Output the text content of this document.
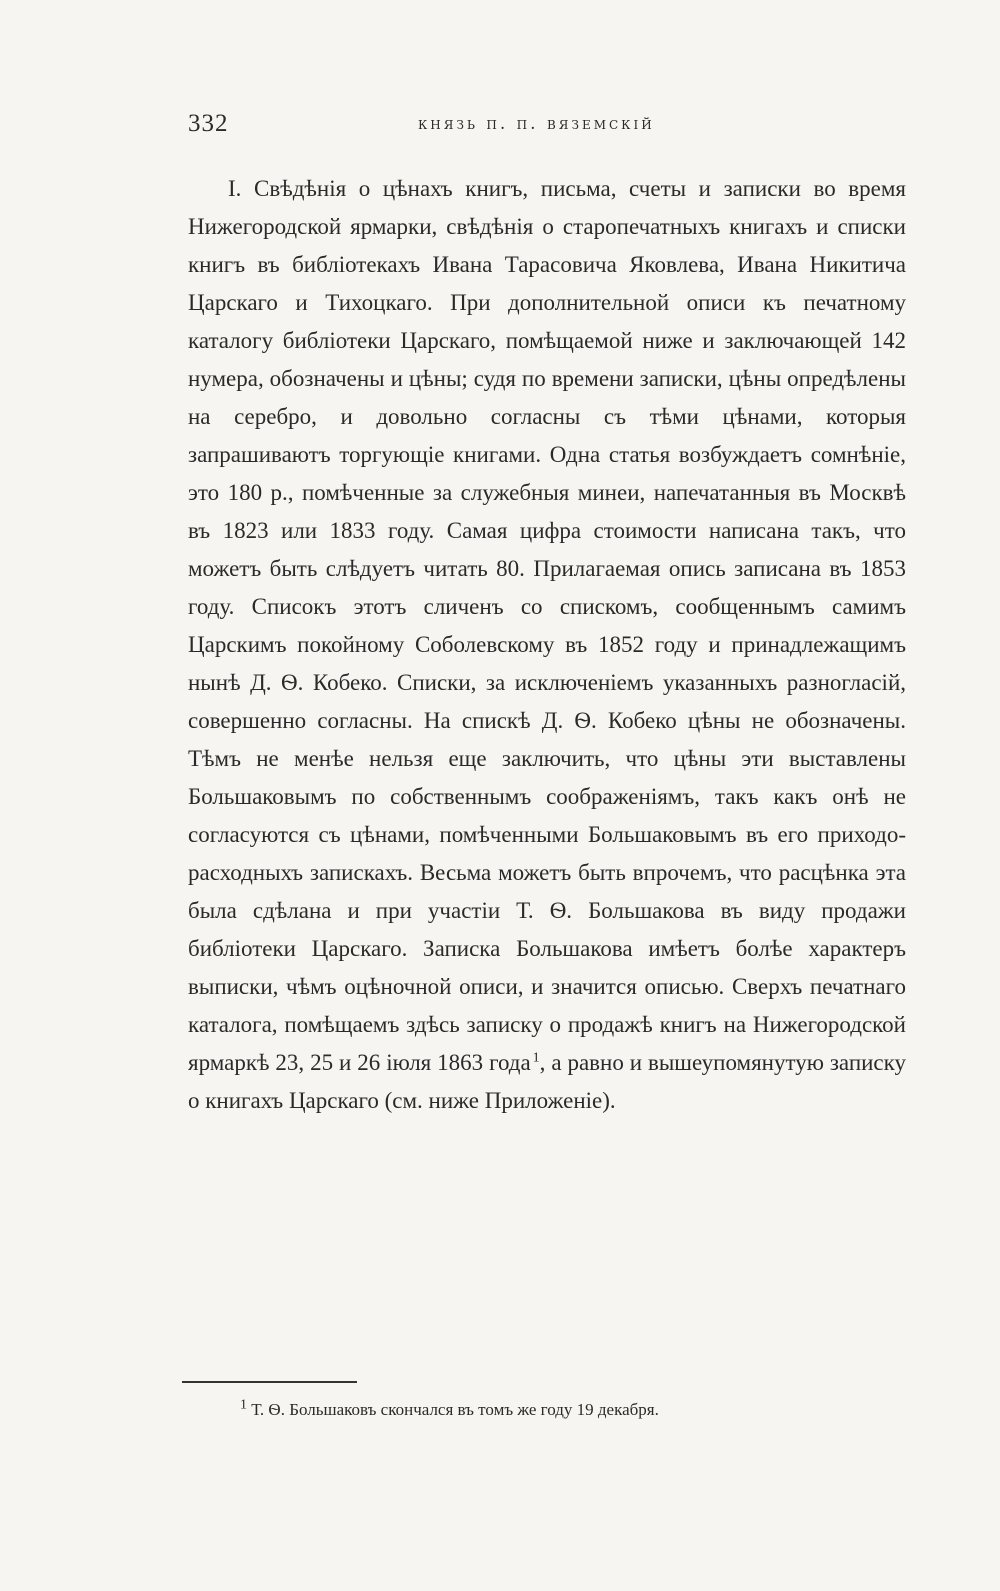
332	князь п. п. вяземскій

I. Свѣдѣнія о цѣнахъ книгъ, письма, счеты и записки во время Нижегородской ярмарки, свѣдѣнія о старопечатныхъ книгахъ и списки книгъ въ библіотекахъ Ивана Тарасовича Яковлева, Ивана Никитича Царскаго и Тихоцкаго. При дополнительной описи къ печатному каталогу библіотеки Царскаго, помѣщаемой ниже и заключающей 142 нумера, обозначены и цѣны; судя по времени записки, цѣны опредѣлены на серебро, и довольно согласны съ тѣми цѣнами, которыя запрашиваютъ торгующіе книгами. Одна статья возбуждаетъ сомнѣніе, это 180 р., помѣченные за служебныя минеи, напечатанныя въ Москвѣ въ 1823 или 1833 году. Самая цифра стоимости написана такъ, что можетъ быть слѣдуетъ читать 80. Прилагаемая опись записана въ 1853 году. Списокъ этотъ сличенъ со спискомъ, сообщеннымъ самимъ Царскимъ покойному Соболевскому въ 1852 году и принадлежащимъ нынѣ Д. Ѳ. Кобеко. Списки, за исключеніемъ указанныхъ разногласій, совершенно согласны. На спискѣ Д. Ѳ. Кобеко цѣны не обозначены. Тѣмъ не менѣе нельзя еще заключить, что цѣны эти выставлены Большаковымъ по собственнымъ соображеніямъ, такъ какъ онѣ не согласуются съ цѣнами, помѣченными Большаковымъ въ его приходо-расходныхъ запискахъ. Весьма можетъ быть впрочемъ, что расцѣнка эта была сдѣлана и при участіи Т. Ѳ. Большакова въ виду продажи библіотеки Царскаго. Записка Большакова имѣетъ болѣе характеръ выписки, чѣмъ оцѣночной описи, и значится описью. Сверхъ печатнаго каталога, помѣщаемъ здѣсь записку о продажѣ книгъ на Нижегородской ярмаркѣ 23, 25 и 26 іюля 1863 года  $^1$, а равно и вышеупомянутую записку о книгахъ Царскаго (см. ниже Приложеніе).

$^1$ Т. Ѳ. Большаковъ скончался въ томъ же году 19 декабря.
